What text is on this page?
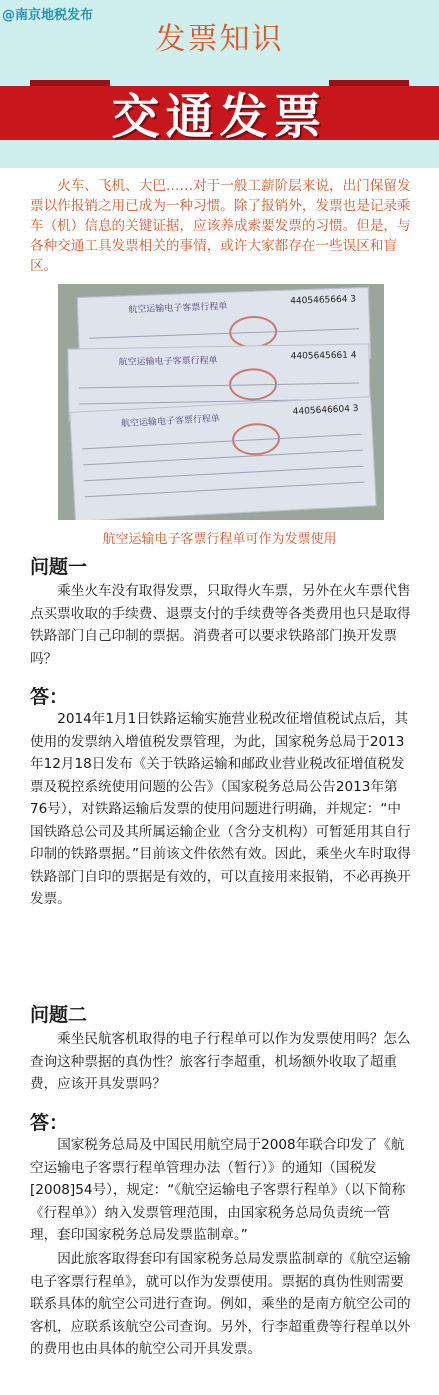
@南京地税发布
发票知识
交通发票
火车、飞机、大巴……对于一般工薪阶层来说，出门保留发票以作报销之用已成为一种习惯。除了报销外，发票也是记录乘车（机）信息的关键证据，应该养成索要发票的习惯。但是，与各种交通工具发票相关的事情，或许大家都存在一些误区和盲区。
航空运输电子客票行程单
4405465664 3
航空运输电子客票行程单	4405645661 4
航空运输电子客票行程单
4405646604 3
航空运输电子客票行程单可作为发票使用
问题一
乘坐火车没有取得发票，只取得火车票，另外在火车票代售点买票收取的手续费、退票支付的手续费等各类费用也只是取得铁路部门自己印制的票据。消费者可以要求铁路部门换开发票吗？
答：
2014年1月1日铁路运输实施营业税改征增值税试点后，其使用的发票纳入增值税发票管理，为此，国家税务总局于2013年12月18日发布《关于铁路运输和邮政业营业税改征增值税发票及税控系统使用问题的公告》（国家税务总局公告2013年第76号），对铁路运输后发票的使用问题进行明确，并规定：“中国铁路总公司及其所属运输企业（含分支机构）可暂延用其自行印制的铁路票据。”目前该文件依然有效。因此，乘坐火车时取得铁路部门自印的票据是有效的，可以直接用来报销，不必再换开发票。
问题二
乘坐民航客机取得的电子行程单可以作为发票使用吗？怎么查询这种票据的真伪性？旅客行李超重，机场额外收取了超重费，应该开具发票吗？
答：
国家税务总局及中国民用航空局于2008年联合印发了《航空运输电子客票行程单管理办法（暂行）》的通知（国税发[2008]54号），规定：“《航空运输电子客票行程单》（以下简称《行程单》）纳入发票管理范围，由国家税务总局负责统一管理，套印国家税务总局发票监制章。”
因此旅客取得套印有国家税务总局发票监制章的《航空运输电子客票行程单》，就可以作为发票使用。票据的真伪性则需要联系具体的航空公司进行查询。例如，乘坐的是南方航空公司的客机，应联系该航空公司查询。另外，行李超重费等行程单以外的费用也由具体的航空公司开具发票。
